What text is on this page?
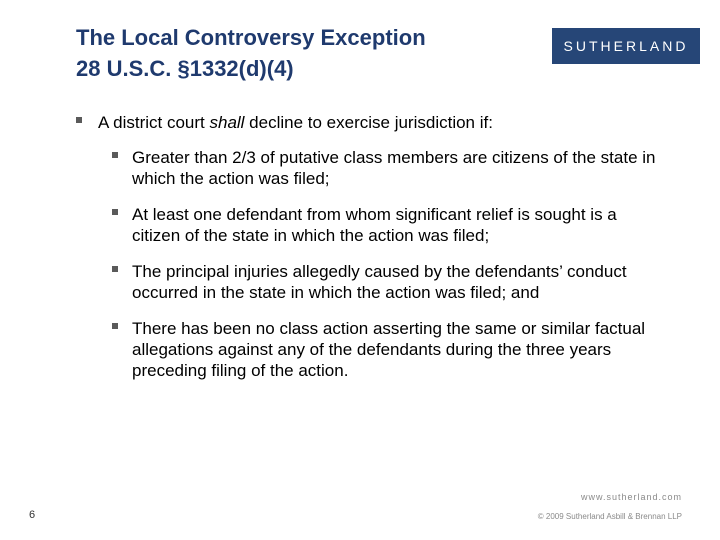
The Local Controversy Exception
28 U.S.C. §1332(d)(4)
SUTHERLAND
A district court shall decline to exercise jurisdiction if:
Greater than 2/3 of putative class members are citizens of the state in which the action was filed;
At least one defendant from whom significant relief is sought is a citizen of the state in which the action was filed;
The principal injuries allegedly caused by the defendants’ conduct occurred in the state in which the action was filed; and
There has been no class action asserting the same or similar factual allegations against any of the defendants during the three years preceding filing of the action.
6
www.sutherland.com
© 2009 Sutherland Asbill & Brennan LLP
